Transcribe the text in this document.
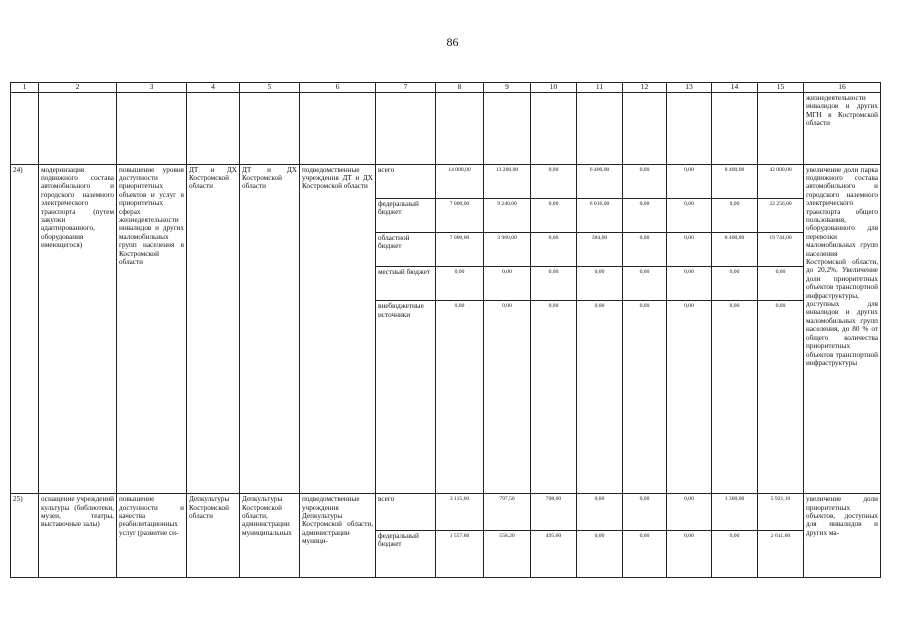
86
1	2	3	4	5	6	7	8	9	10	11	12	13	14	15	16
															жизнедеятельности инвалидов и других МГН в Костромской области
24)	модернизация подвижного состава автомобильного и городского наземного электрического транспорта (путем закупки адаптированного, оборудования имеющегося)	повышение уровня доступности приоритетных объектов и услуг в приоритетных сферах жизнедеятельности инвалидов и других маломобильных групп населения в Костромской области	ДТ и ДХ Костромской области	ДТ и ДХ Костромской области	подведомственные учреждения ДТ и ДХ Костромской области	всего	14 000,00	13 200,00	0,00	6 400,00	0,00	0,00	8 400,00	42 000,00	увеличение доли парка подвижного состава автомобильного и городского наземного электрического транспорта общего пользования, оборудованного для перевозки маломобильных групп населения Костромской области, до 20,2%. Увеличение доли приоритетных объектов транспортной инфраструктуры, доступных для инвалидов и других маломобильных групп населения, до 80 % от общего количества приоритетных объектов транспортной инфраструктуры
						федеральный бюджет	7 000,00	9 240,00	0,00	6 016,00	0,00	0,00	0,00	22 256,00	
						областной бюджет	7 000,00	3 960,00	0,00	384,00	0,00	0,00	8 400,00	19 744,00	
						местный бюджет	0,00	0,00	0,00	0,00	0,00	0,00	0,00	0,00	
						внебюджетные источники	0,00	0,00	0,00	0,00	0,00	0,00	0,00	0,00	
25)	оснащение учреждений культуры (библиотеки, музеи, театры, выставочные залы)	повышение доступности и качества реабилитационных услуг (развитие си-	Депкультуры Костромской области	Депкультуры Костромской области, администрации муниципальных	подведомственные учреждения Депкультуры Костромской области, администрации муници-	всего	3 115,60	797,50	708,00	0,00	0,00	0,00	1 300,00	5 921,10	увеличение доли приоритетных объектов, доступных для инвалидов и других ма-
						федеральный бюджет	1 557,80	558,20	495,60	0,00	0,00	0,00	0,00	2 611,60	
